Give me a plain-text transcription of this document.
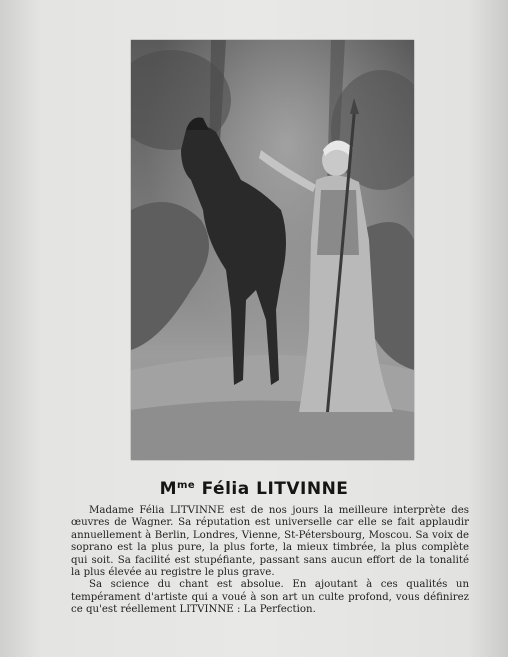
$M^{me}$ Félia LITVINNE

Madame Félia LITVINNE est de nos jours la meilleure interprète des œuvres de Wagner. Sa réputation est universelle car elle se fait applaudir annuellement à Berlin, Londres, Vienne, St-Pétersbourg, Moscou. Sa voix de soprano est la plus pure, la plus forte, la mieux timbrée, la plus complète qui soit. Sa facilité est stupéfiante, passant sans aucun effort de la tonalité la plus élevée au registre le plus grave.

Sa science du chant est absolue. En ajoutant à ces qualités un tempérament d'artiste qui a voué à son art un culte profond, vous définirez ce qu'est réellement LITVINNE : La Perfection.
